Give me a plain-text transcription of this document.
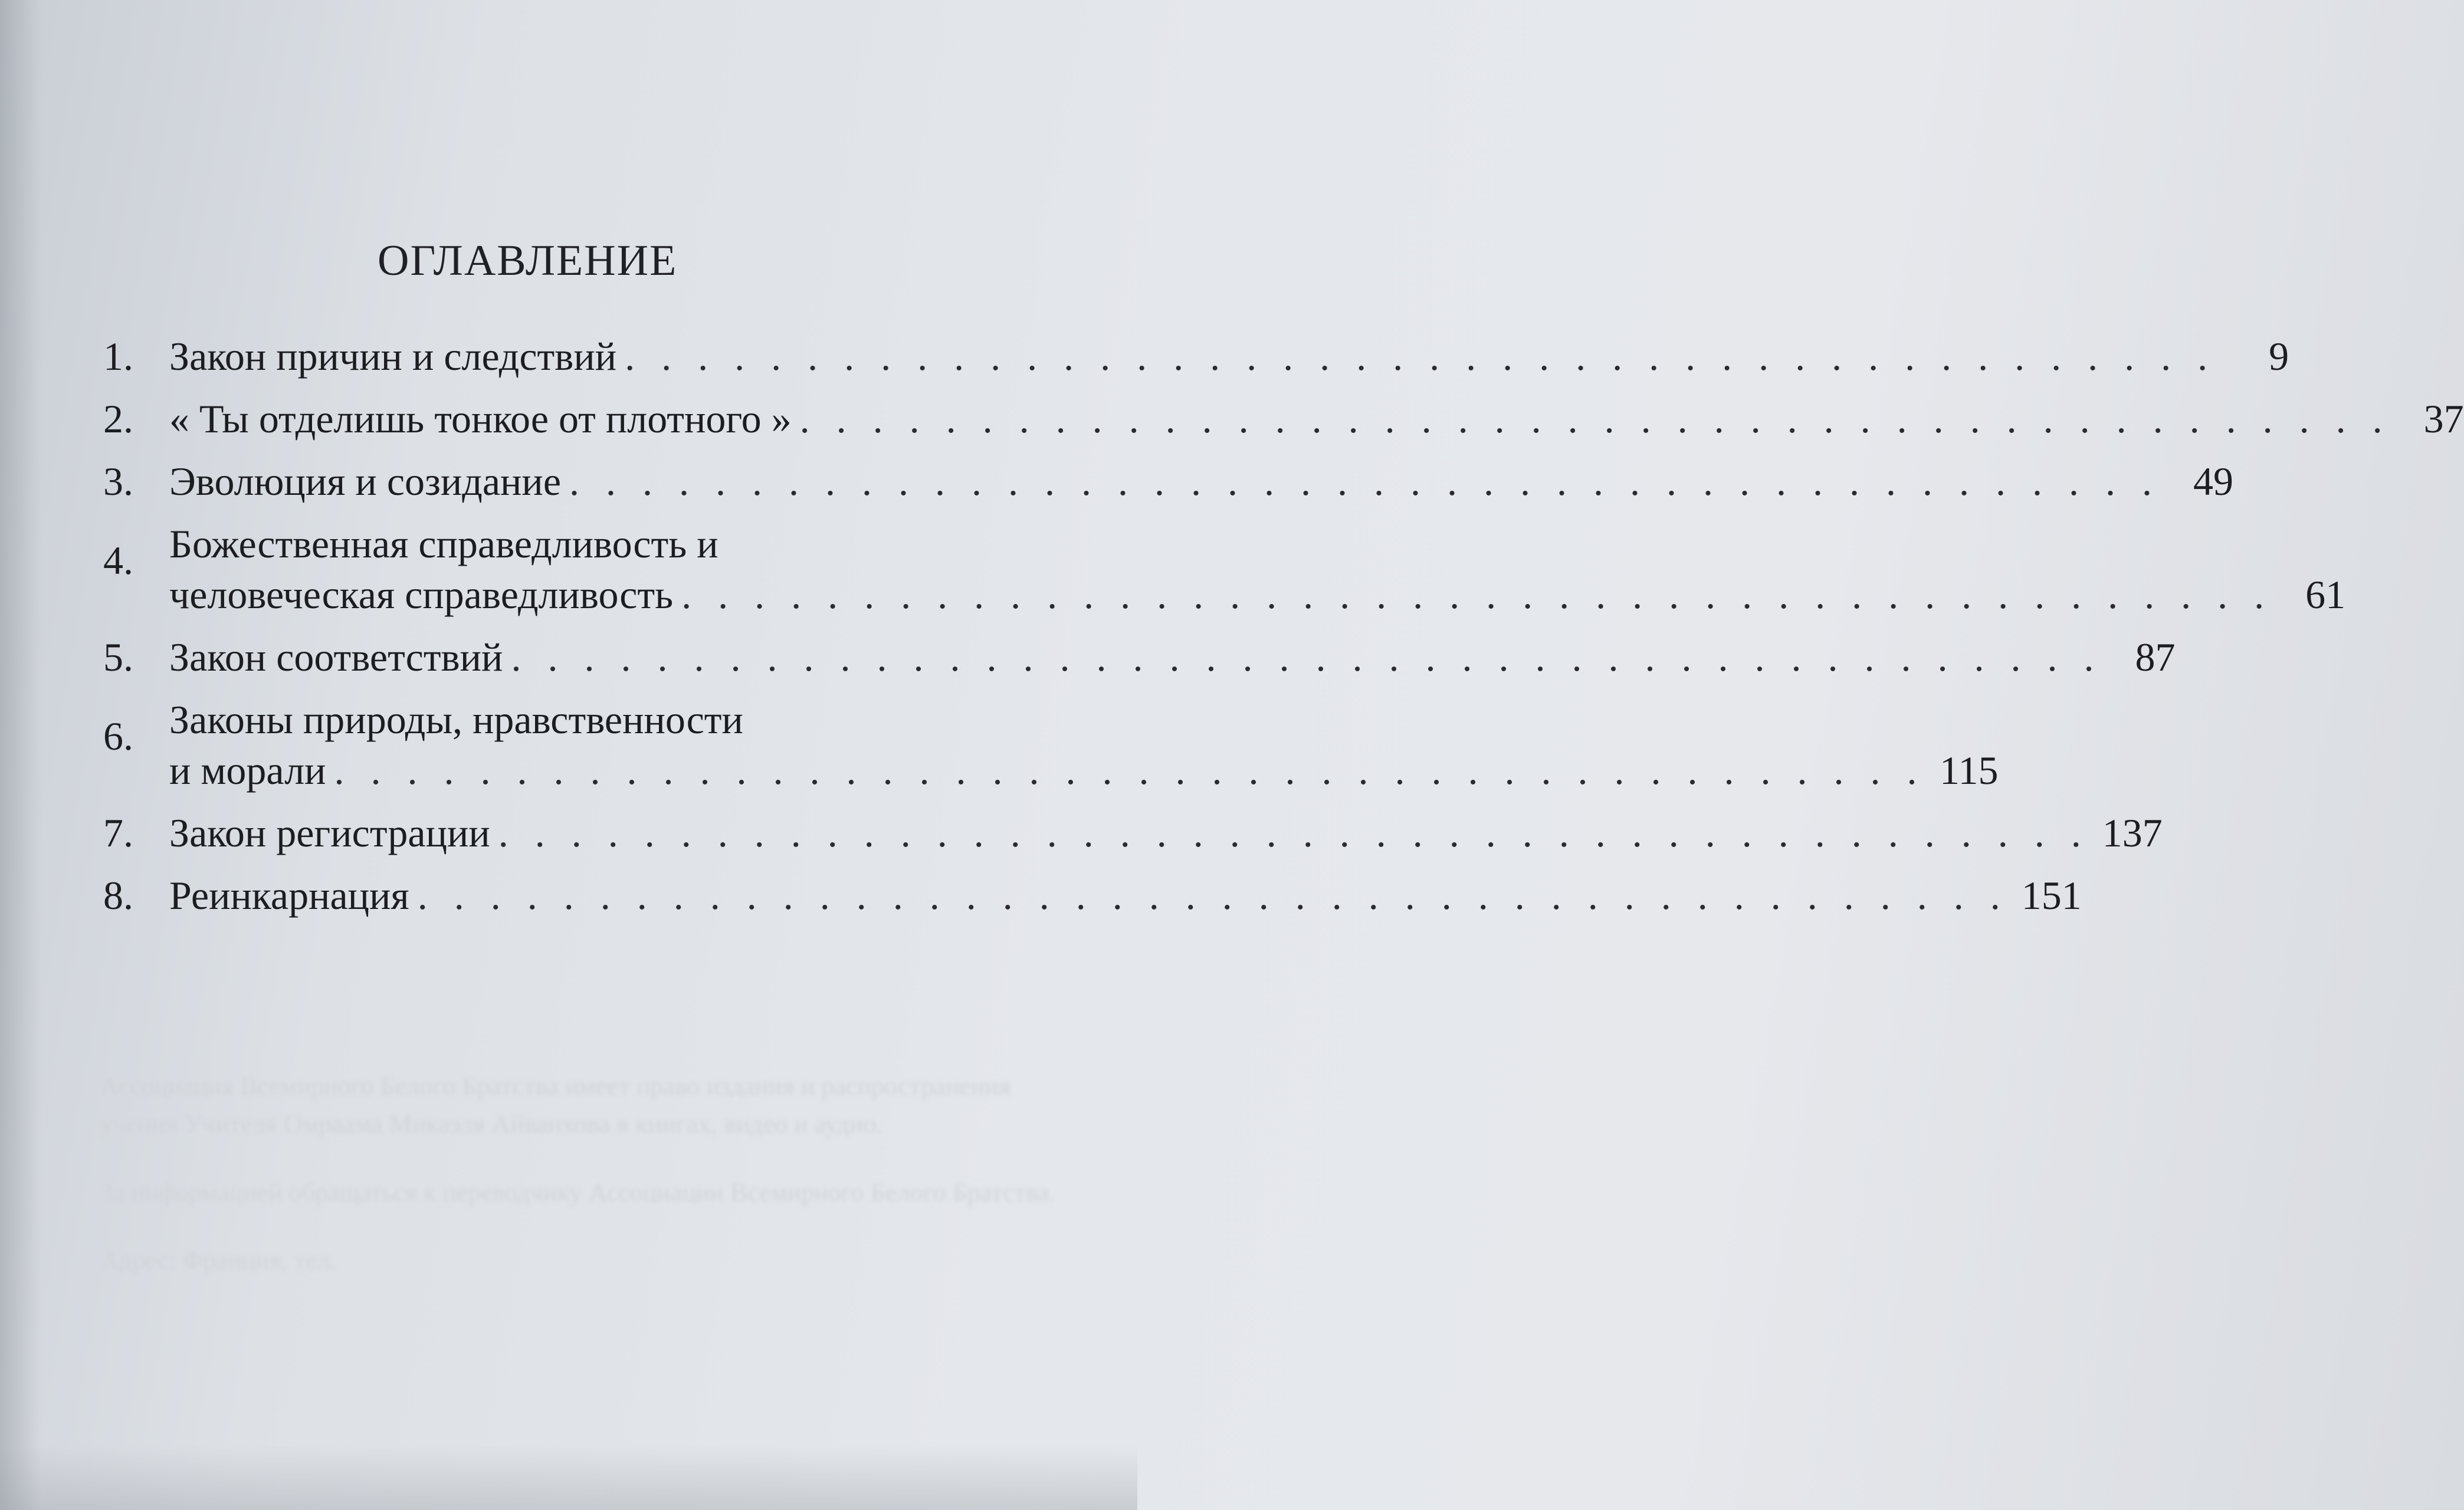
ОГЛАВЛЕНИЕ
1. Закон причин и следствий . . . . . . . . . . . . . . . . . . . . . . . . . . . . . . . . . . . . . . . . . . . .	9
2. « Ты отделишь тонкое от плотного » . . . . . . . . . . . . . . . . . . . . . . . . . . . . . . . . . . . . . . . . . . . . 37
3. Эволюция и созидание . . . . . . . . . . . . . . . . . . . . . . . . . . . . . . . . . . . . . . . . . . . . 49
4. Божественная справедливость и
человеческая справедливость . . . . . . . . . . . . . . . . . . . . . . . . . . . . . . . . . . . . . . . . . . . . 61
5. Закон соответствий . . . . . . . . . . . . . . . . . . . . . . . . . . . . . . . . . . . . . . . . . . . . 87
6. Законы природы, нравственности
и морали . . . . . . . . . . . . . . . . . . . . . . . . . . . . . . . . . . . . . . . . . . . . 115
7. Закон регистрации . . . . . . . . . . . . . . . . . . . . . . . . . . . . . . . . . . . . . . . . . . . . 137
8. Реинкарнация . . . . . . . . . . . . . . . . . . . . . . . . . . . . . . . . . . . . . . . . . . . . 151

Ассоциация Всемирного Белого Братства имеет право издания и распространения учения Учителя Омраама Микаэля Айванхова в книгах, видео и аудио.

За информацией обращаться к переводчику Ассоциации Всемирного Белого Братства.

Адрес: Франция, тел.
